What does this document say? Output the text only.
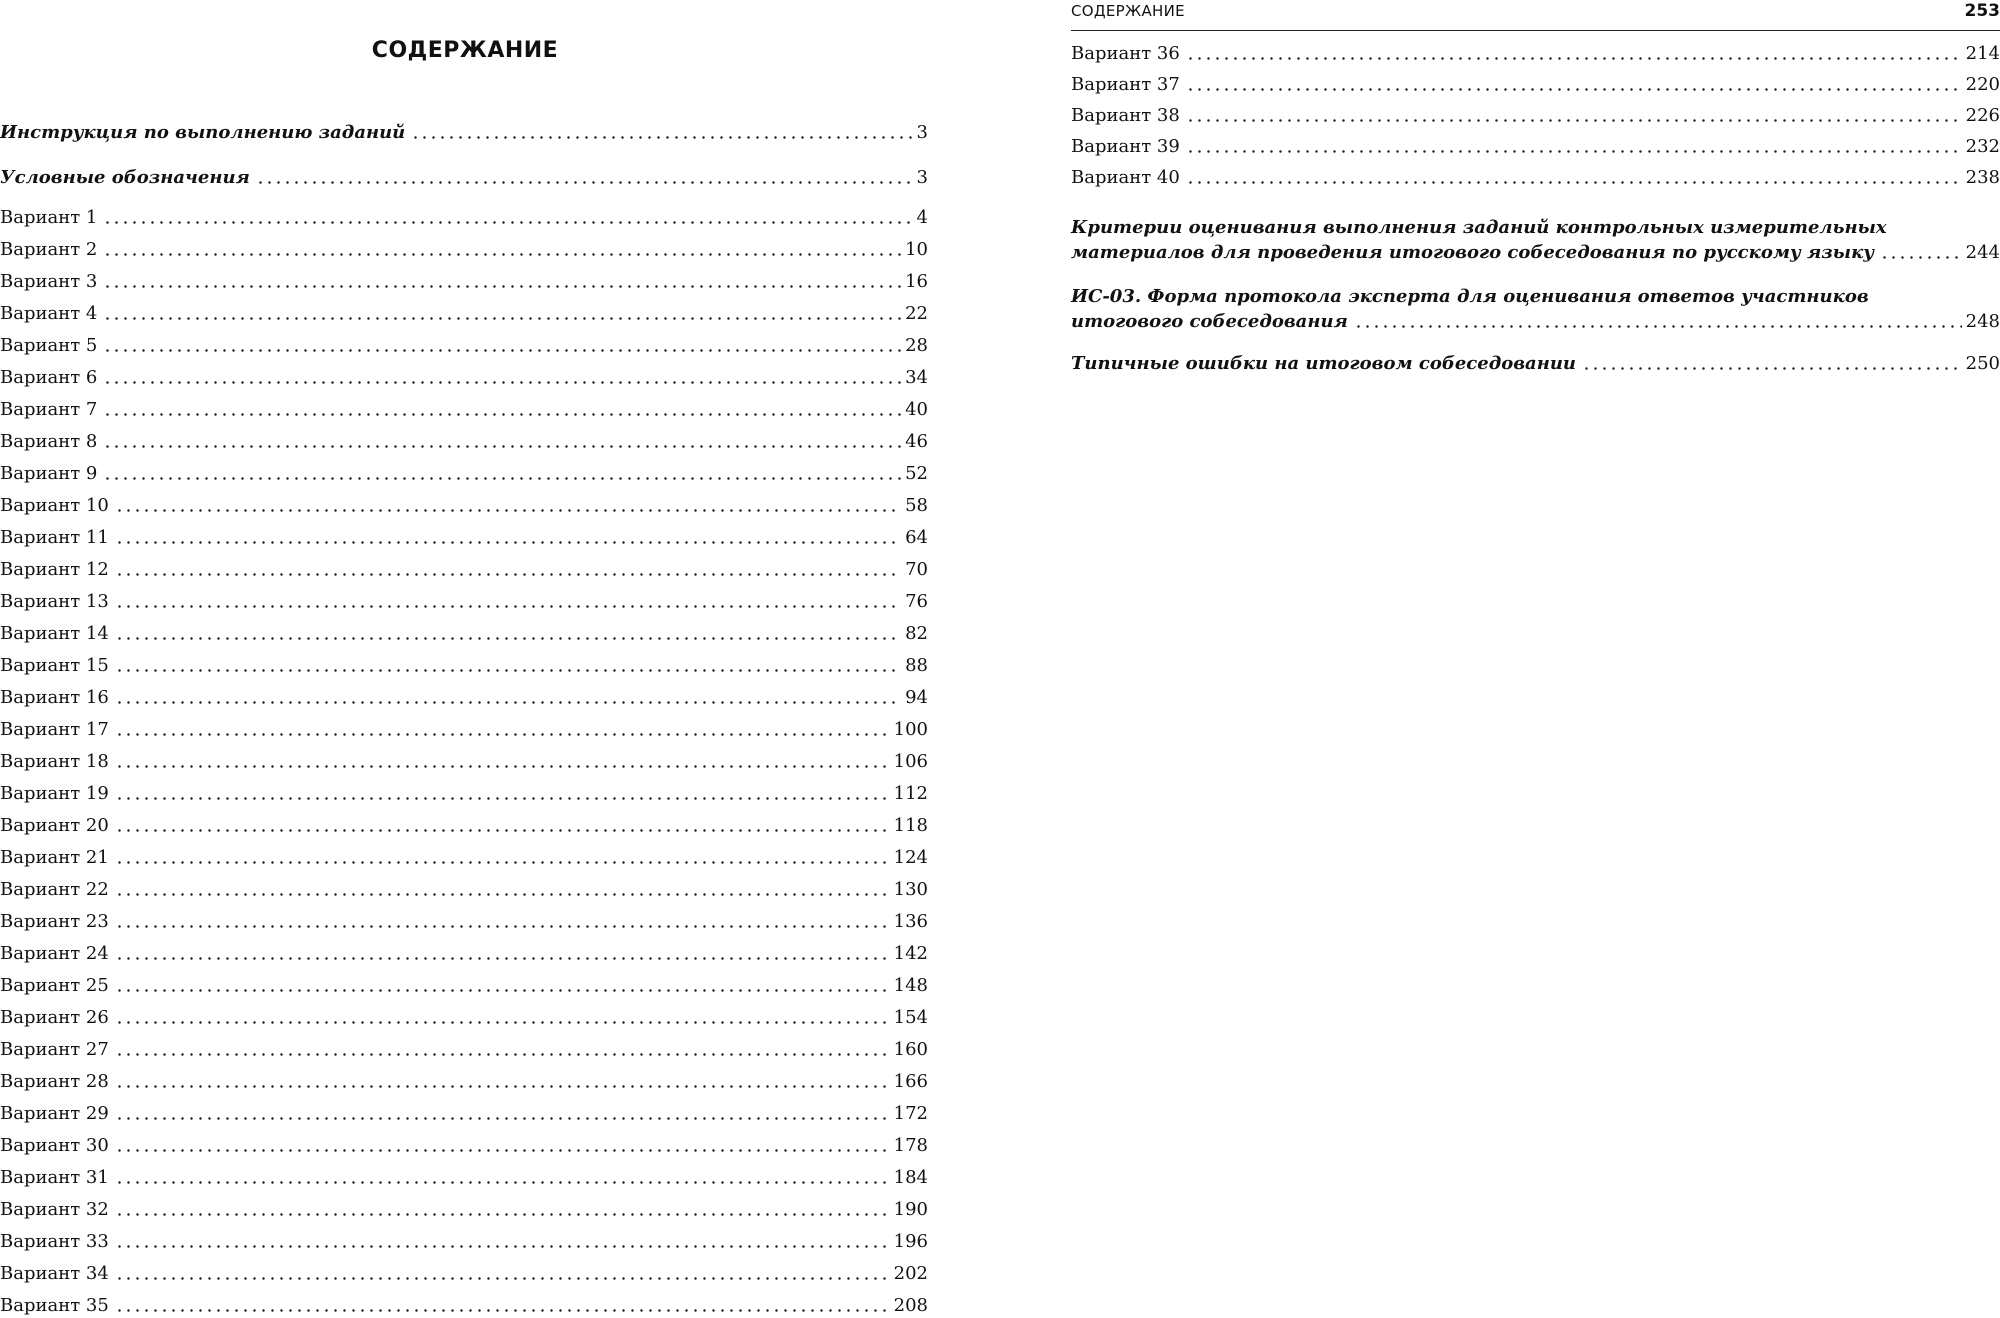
СОДЕРЖАНИЕ
Инструкция по выполнению заданий	3
Условные обозначения	3
Вариант 1	4
Вариант 2	10
Вариант 3	16
Вариант 4	22
Вариант 5	28
Вариант 6	34
Вариант 7	40
Вариант 8	46
Вариант 9	52
Вариант 10	58
Вариант 11	64
Вариант 12	70
Вариант 13	76
Вариант 14	82
Вариант 15	88
Вариант 16	94
Вариант 17	100
Вариант 18	106
Вариант 19	112
Вариант 20	118
Вариант 21	124
Вариант 22	130
Вариант 23	136
Вариант 24	142
Вариант 25	148
Вариант 26	154
Вариант 27	160
Вариант 28	166
Вариант 29	172
Вариант 30	178
Вариант 31	184
Вариант 32	190
Вариант 33	196
Вариант 34	202
Вариант 35	208
СОДЕРЖАНИЕ	253
Вариант 36	214
Вариант 37	220
Вариант 38	226
Вариант 39	232
Вариант 40	238
Критерии оценивания выполнения заданий контрольных измерительных
материалов для проведения итогового собеседования по русскому языку	244
ИС-03. Форма протокола эксперта для оценивания ответов участников
итогового собеседования	248
Типичные ошибки на итоговом собеседовании	250
